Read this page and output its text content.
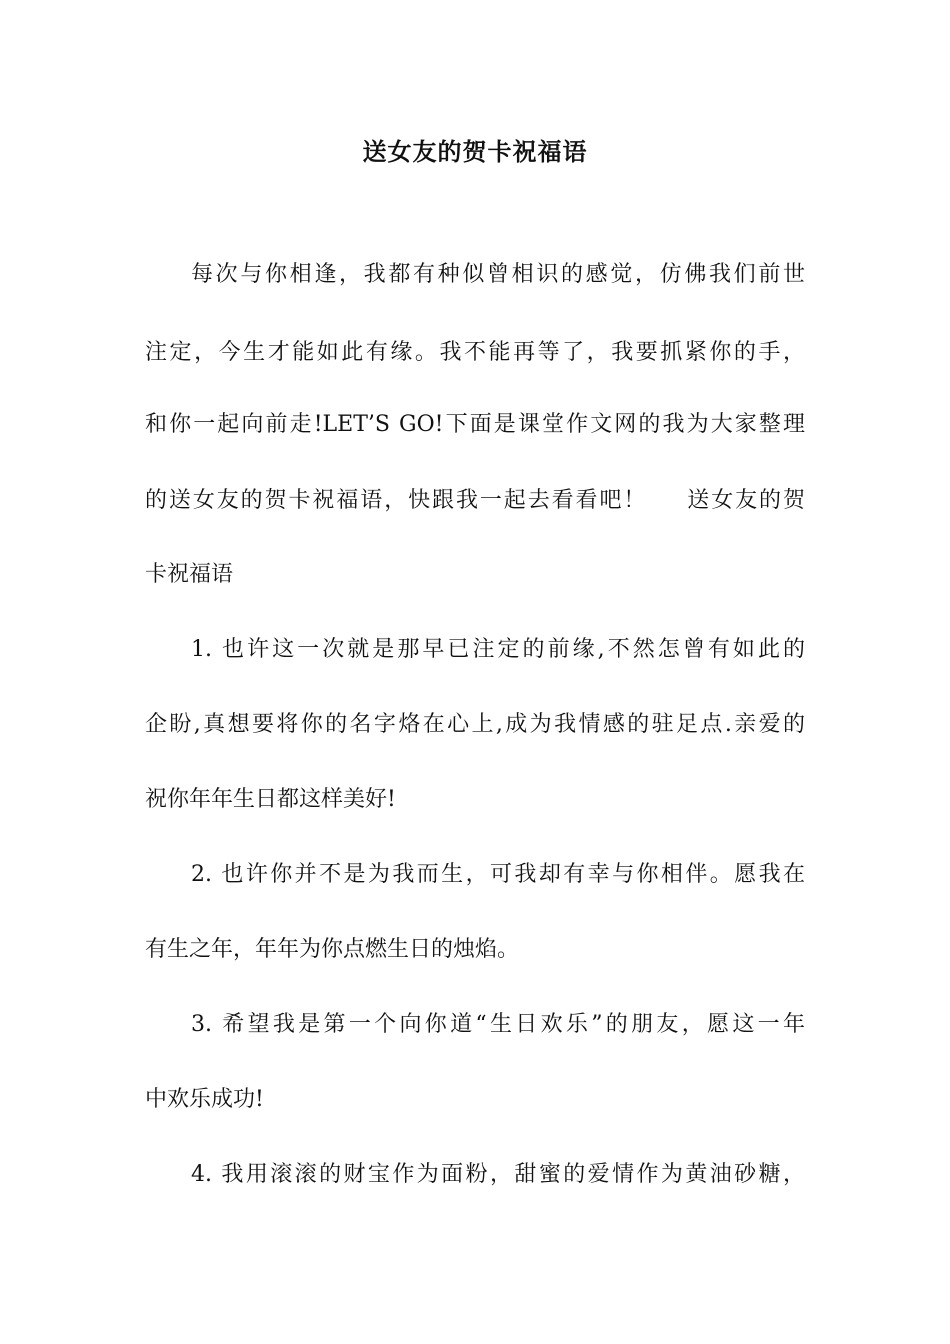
送女友的贺卡祝福语
每次与你相逢，我都有种似曾相识的感觉，仿佛我们前世
注定，今生才能如此有缘。我不能再等了，我要抓紧你的手，
和你一起向前走!LET’S GO!下面是课堂作文网的我为大家整理
的送女友的贺卡祝福语，快跟我一起去看看吧！ 送女友的贺
卡祝福语
1. 也许这一次就是那早已注定的前缘,不然怎曾有如此的
企盼,真想要将你的名字烙在心上,成为我情感的驻足点.亲爱的
祝你年年生日都这样美好!
2. 也许你并不是为我而生，可我却有幸与你相伴。愿我在
有生之年，年年为你点燃生日的烛焰。
3. 希望我是第一个向你道“生日欢乐”的朋友，愿这一年
中欢乐成功!
4. 我用滚滚的财宝作为面粉，甜蜜的爱情作为黄油砂糖，
